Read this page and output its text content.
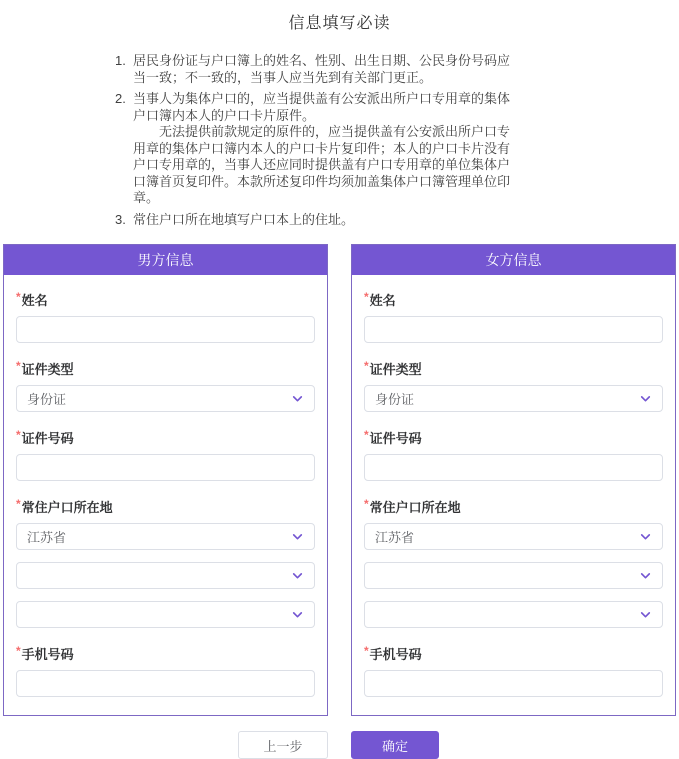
信息填写必读
1. 居民身份证与户口簿上的姓名、性别、出生日期、公民身份号码应当一致；不一致的，当事人应当先到有关部门更正。
2. 当事人为集体户口的，应当提供盖有公安派出所户口专用章的集体户口簿内本人的户口卡片原件。
无法提供前款规定的原件的，应当提供盖有公安派出所户口专用章的集体户口簿内本人的户口卡片复印件；本人的户口卡片没有户口专用章的，当事人还应同时提供盖有户口专用章的单位集体户口簿首页复印件。本款所述复印件均须加盖集体户口簿管理单位印章。
3. 常住户口所在地填写户口本上的住址。
男方信息
*姓名
*证件类型
身份证
*证件号码
*常住户口所在地
江苏省
*手机号码
女方信息
*姓名
*证件类型
身份证
*证件号码
*常住户口所在地
江苏省
*手机号码
上一步	确定
